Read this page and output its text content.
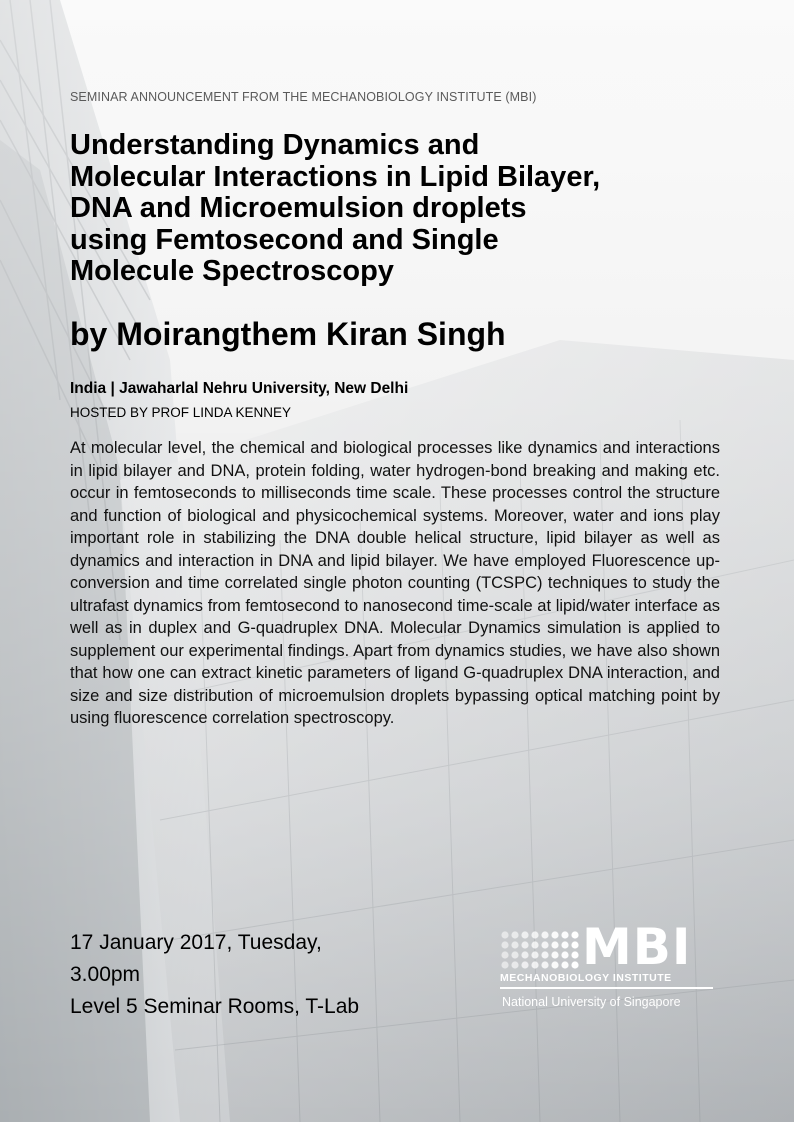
SEMINAR ANNOUNCEMENT FROM THE MECHANOBIOLOGY INSTITUTE (MBI)
Understanding Dynamics and
Molecular Interactions in Lipid Bilayer,
DNA and Microemulsion droplets
using Femtosecond and Single
Molecule Spectroscopy
by Moirangthem Kiran Singh
India | Jawaharlal Nehru University, New Delhi
HOSTED BY PROF LINDA KENNEY

At molecular level, the chemical and biological processes like dynamics and interactions in lipid bilayer and DNA, protein folding, water hydrogen-bond breaking and making etc. occur in femtoseconds to milliseconds time scale. These processes control the structure and function of biological and physicochemical systems. Moreover, water and ions play important role in stabilizing the DNA double helical structure, lipid bilayer as well as dynamics and interaction in DNA and lipid bilayer. We have employed Fluorescence up-conversion and time correlated single photon counting (TCSPC) techniques to study the ultrafast dynamics from femtosecond to nanosecond time-scale at lipid/water interface as well as in duplex and G-quadruplex DNA. Molecular Dynamics simulation is applied to supplement our experimental findings. Apart from dynamics studies, we have also shown that how one can extract kinetic parameters of ligand G-quadruplex DNA interaction, and size and size distribution of microemulsion droplets bypassing optical matching point by using fluorescence correlation spectroscopy.

17 January 2017, Tuesday,
3.00pm
Level 5 Seminar Rooms, T-Lab
MBI
MECHANOBIOLOGY INSTITUTE
National University of Singapore
